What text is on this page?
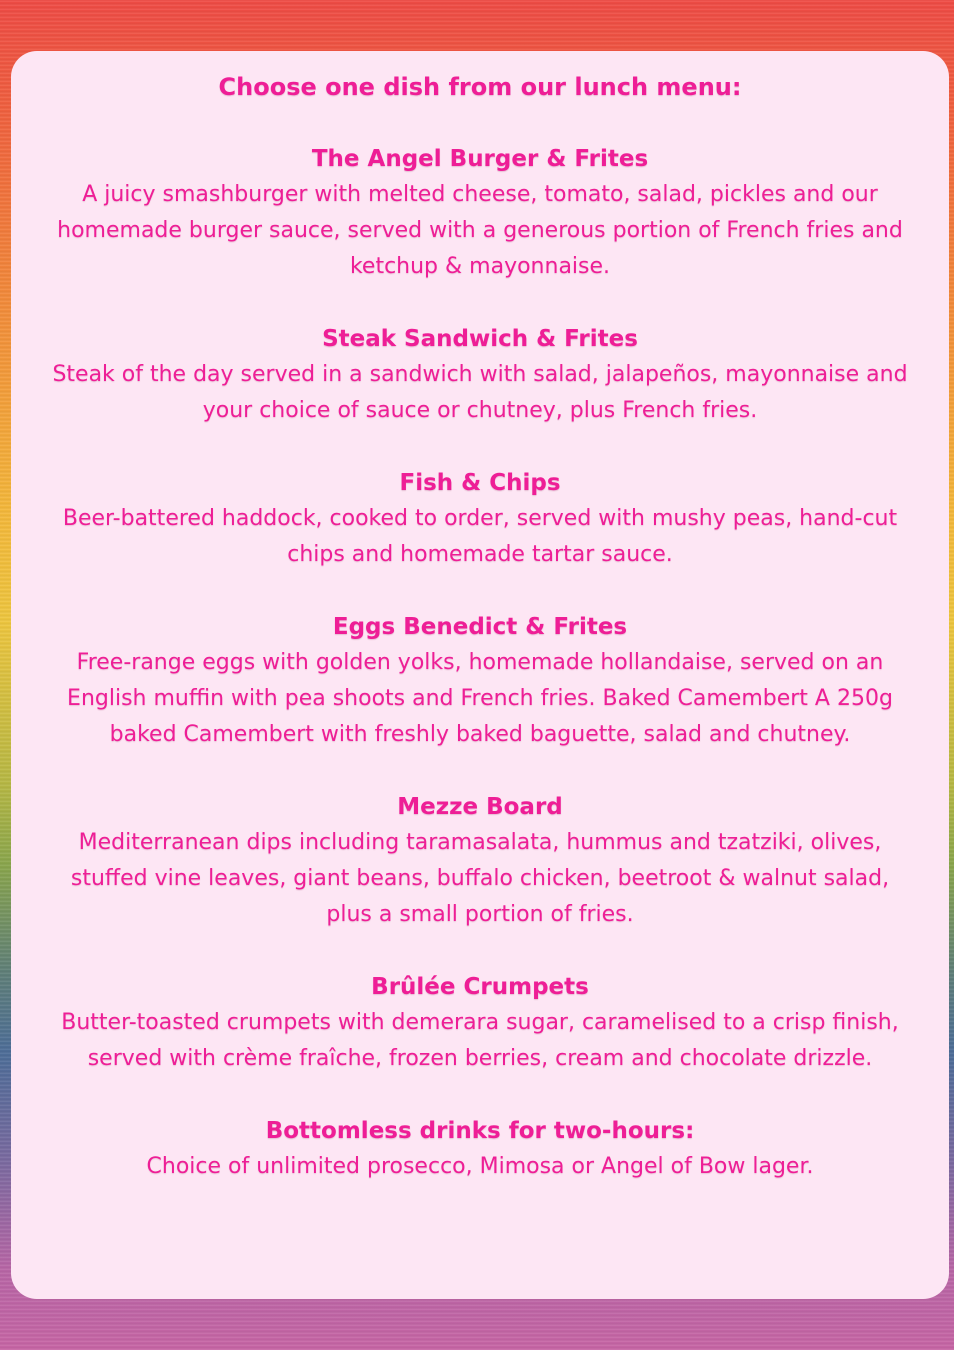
Choose one dish from our lunch menu:

The Angel Burger & Frites

A juicy smashburger with melted cheese, tomato, salad, pickles and our homemade burger sauce, served with a generous portion of French fries and ketchup & mayonnaise.

Steak Sandwich & Frites

Steak of the day served in a sandwich with salad, jalapeños, mayonnaise and your choice of sauce or chutney, plus French fries.

Fish & Chips

Beer-battered haddock, cooked to order, served with mushy peas, hand-cut chips and homemade tartar sauce.

Eggs Benedict & Frites

Free-range eggs with golden yolks, homemade hollandaise, served on an English muffin with pea shoots and French fries. Baked Camembert A 250g baked Camembert with freshly baked baguette, salad and chutney.

Mezze Board

Mediterranean dips including taramasalata, hummus and tzatziki, olives, stuffed vine leaves, giant beans, buffalo chicken, beetroot & walnut salad, plus a small portion of fries.

Brûlée Crumpets

Butter-toasted crumpets with demerara sugar, caramelised to a crisp finish, served with crème fraîche, frozen berries, cream and chocolate drizzle.

Bottomless drinks for two-hours:

Choice of unlimited prosecco, Mimosa or Angel of Bow lager.
